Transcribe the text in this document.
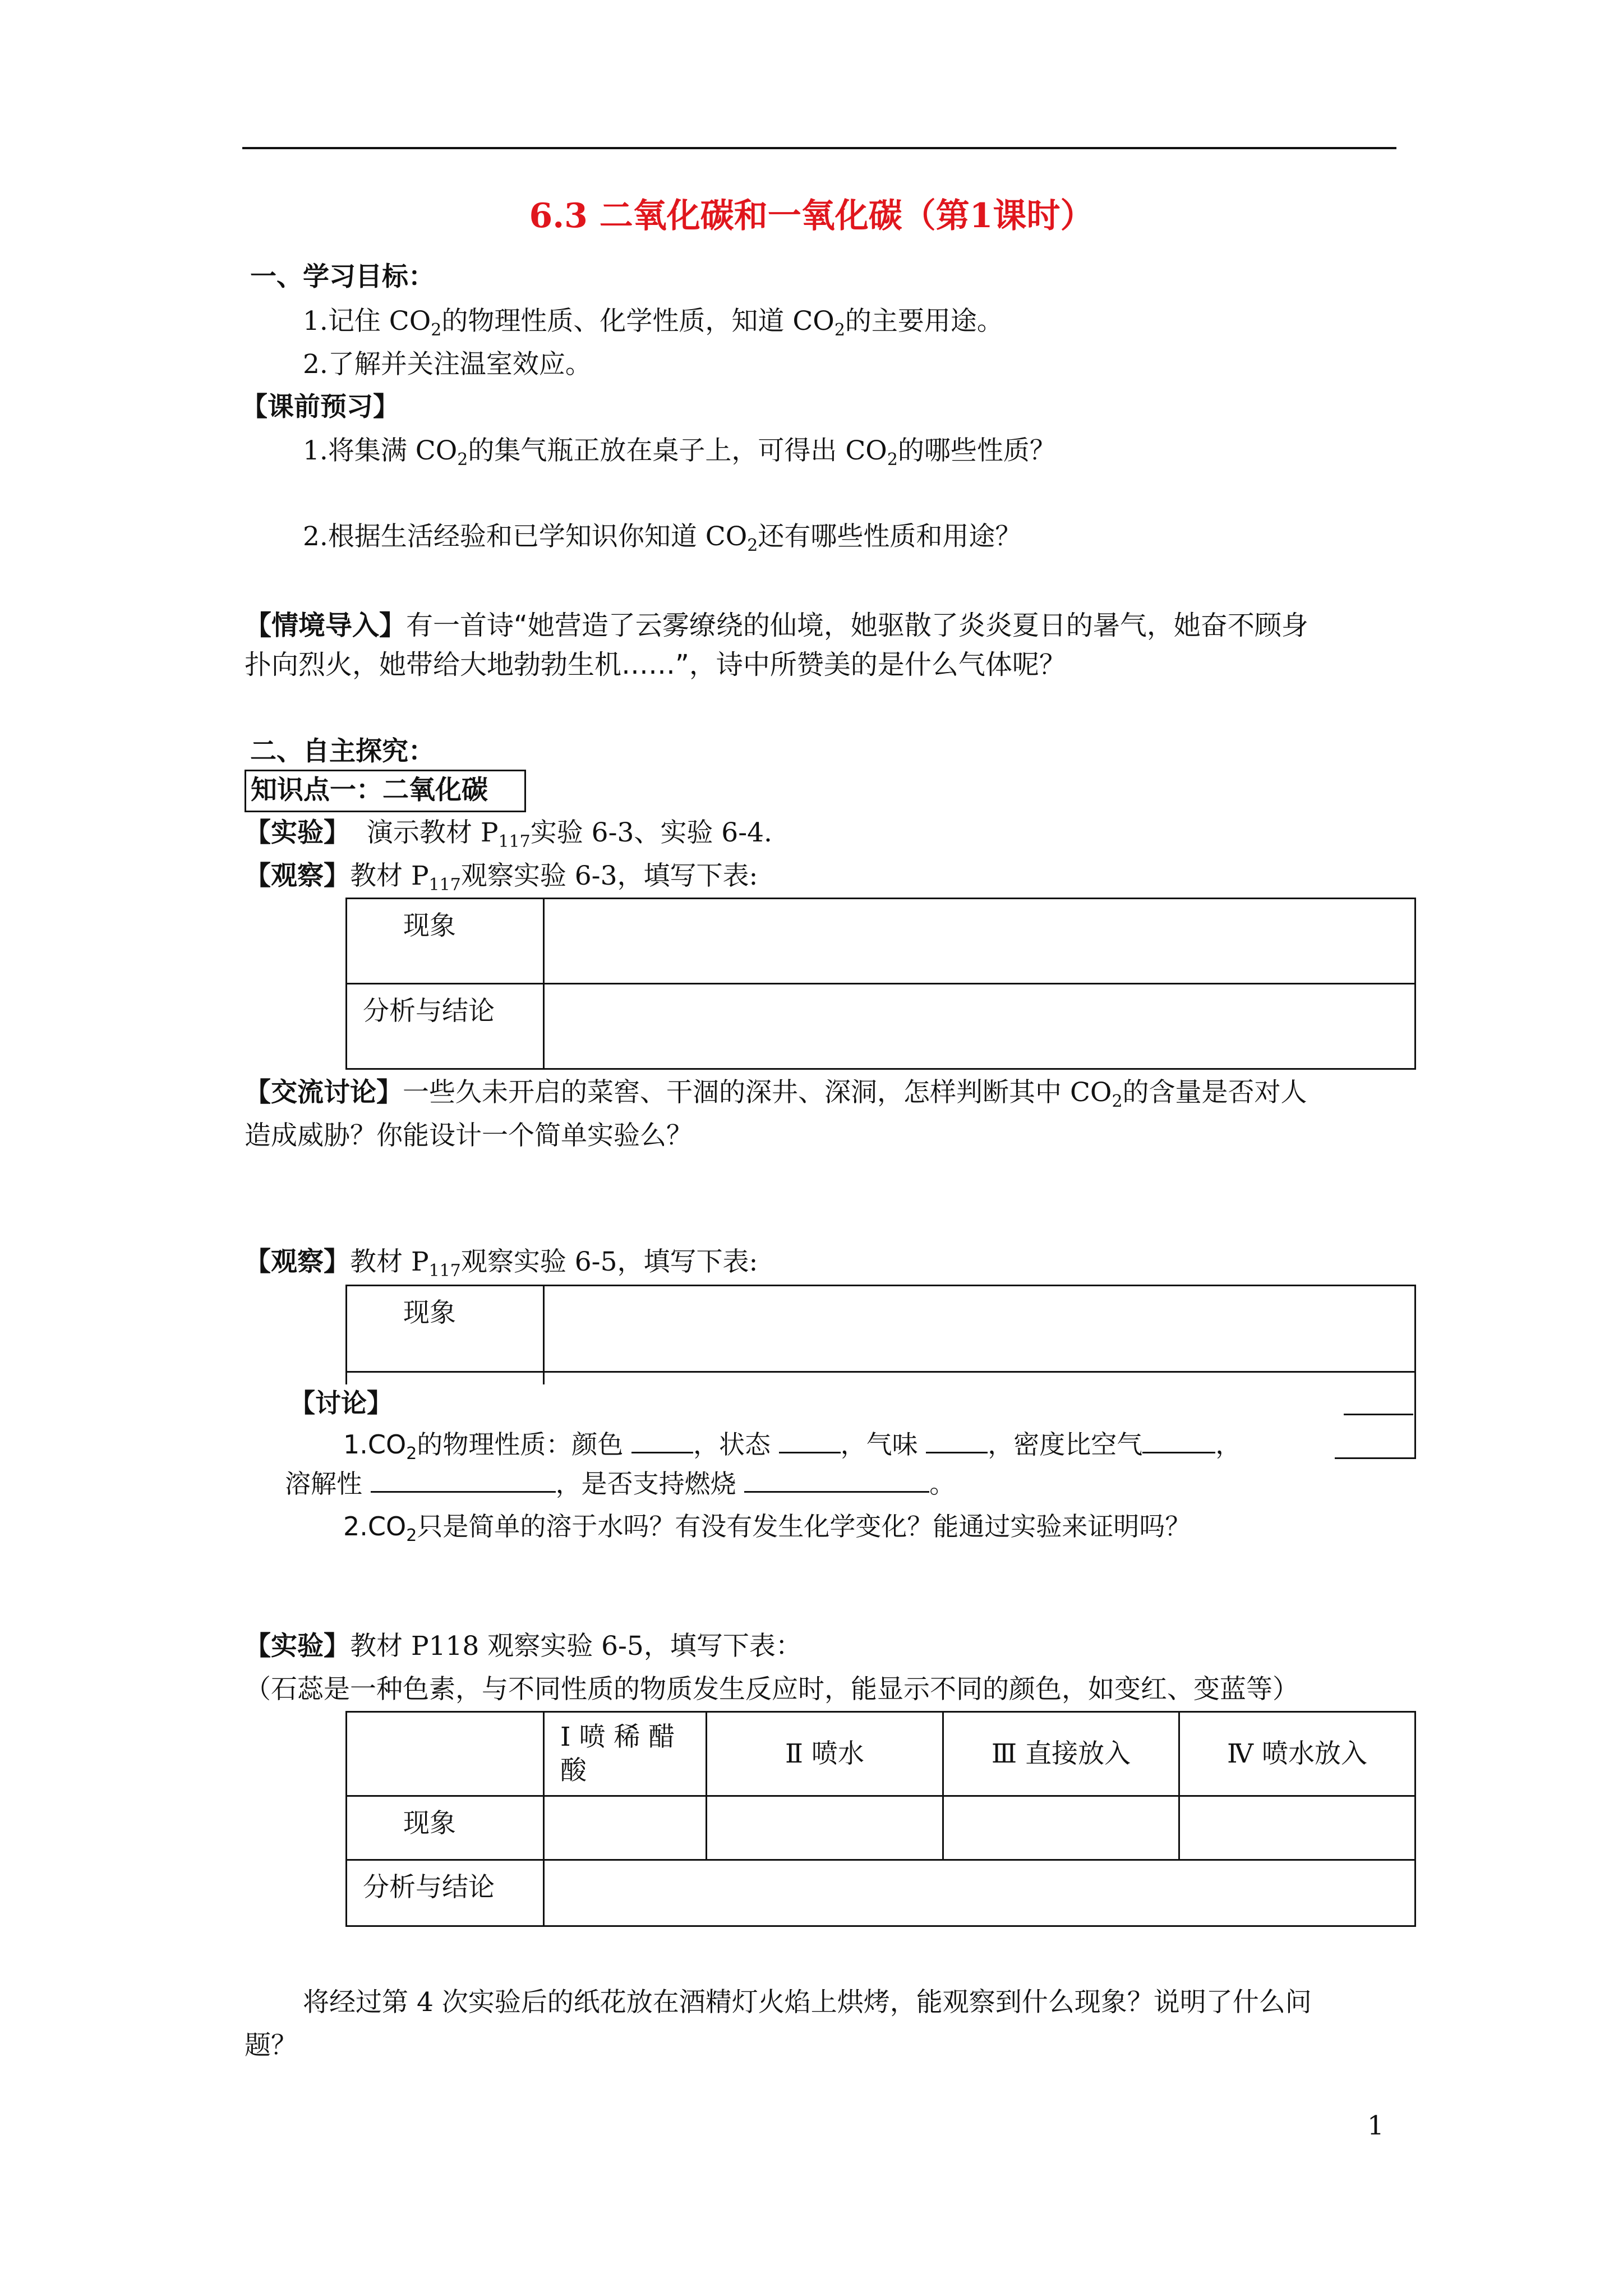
6.3 二氧化碳和一氧化碳（第1课时）
一、学习目标：
1.记住 $CO_2$的物理性质、化学性质，知道 $CO_2$的主要用途。
2.了解并关注温室效应。
【课前预习】
1.将集满 $CO_2$的集气瓶正放在桌子上，可得出 $CO_2$的哪些性质？
2.根据生活经验和已学知识你知道 $CO_2$还有哪些性质和用途？
【情境导入】有一首诗“她营造了云雾缭绕的仙境，她驱散了炎炎夏日的暑气，她奋不顾身
扑向烈火，她带给大地勃勃生机……”，诗中所赞美的是什么气体呢？
二、自主探究：
知识点一：二氧化碳
【实验】 演示教材 $P_{117}$实验 6-3、实验 6-4.
【观察】教材 $P_{117}$观察实验 6-3，填写下表:
现象	
分析与结论	
【交流讨论】一些久未开启的菜窖、干涸的深井、深洞，怎样判断其中 $CO_2$的含量是否对人
造成威胁？你能设计一个简单实验么？
【观察】教材 $P_{117}$观察实验 6-5，填写下表:
现象	

【讨论】
$1.CO_2$的物理性质：颜色	，状态	，气味	，密度比空气	，
溶解性	，是否支持燃烧	。
$2.CO_2$只是简单的溶于水吗？有没有发生化学变化？能通过实验来证明吗？
【实验】教材 P118 观察实验 6-5，填写下表：
（石蕊是一种色素，与不同性质的物质发生反应时，能显示不同的颜色，如变红、变蓝等）
	Ⅰ 喷 稀 醋 酸	Ⅱ 喷水	Ⅲ 直接放入	Ⅳ 喷水放入
现象				
分析与结论				
将经过第 4 次实验后的纸花放在酒精灯火焰上烘烤，能观察到什么现象？说明了什么问
题？
1
